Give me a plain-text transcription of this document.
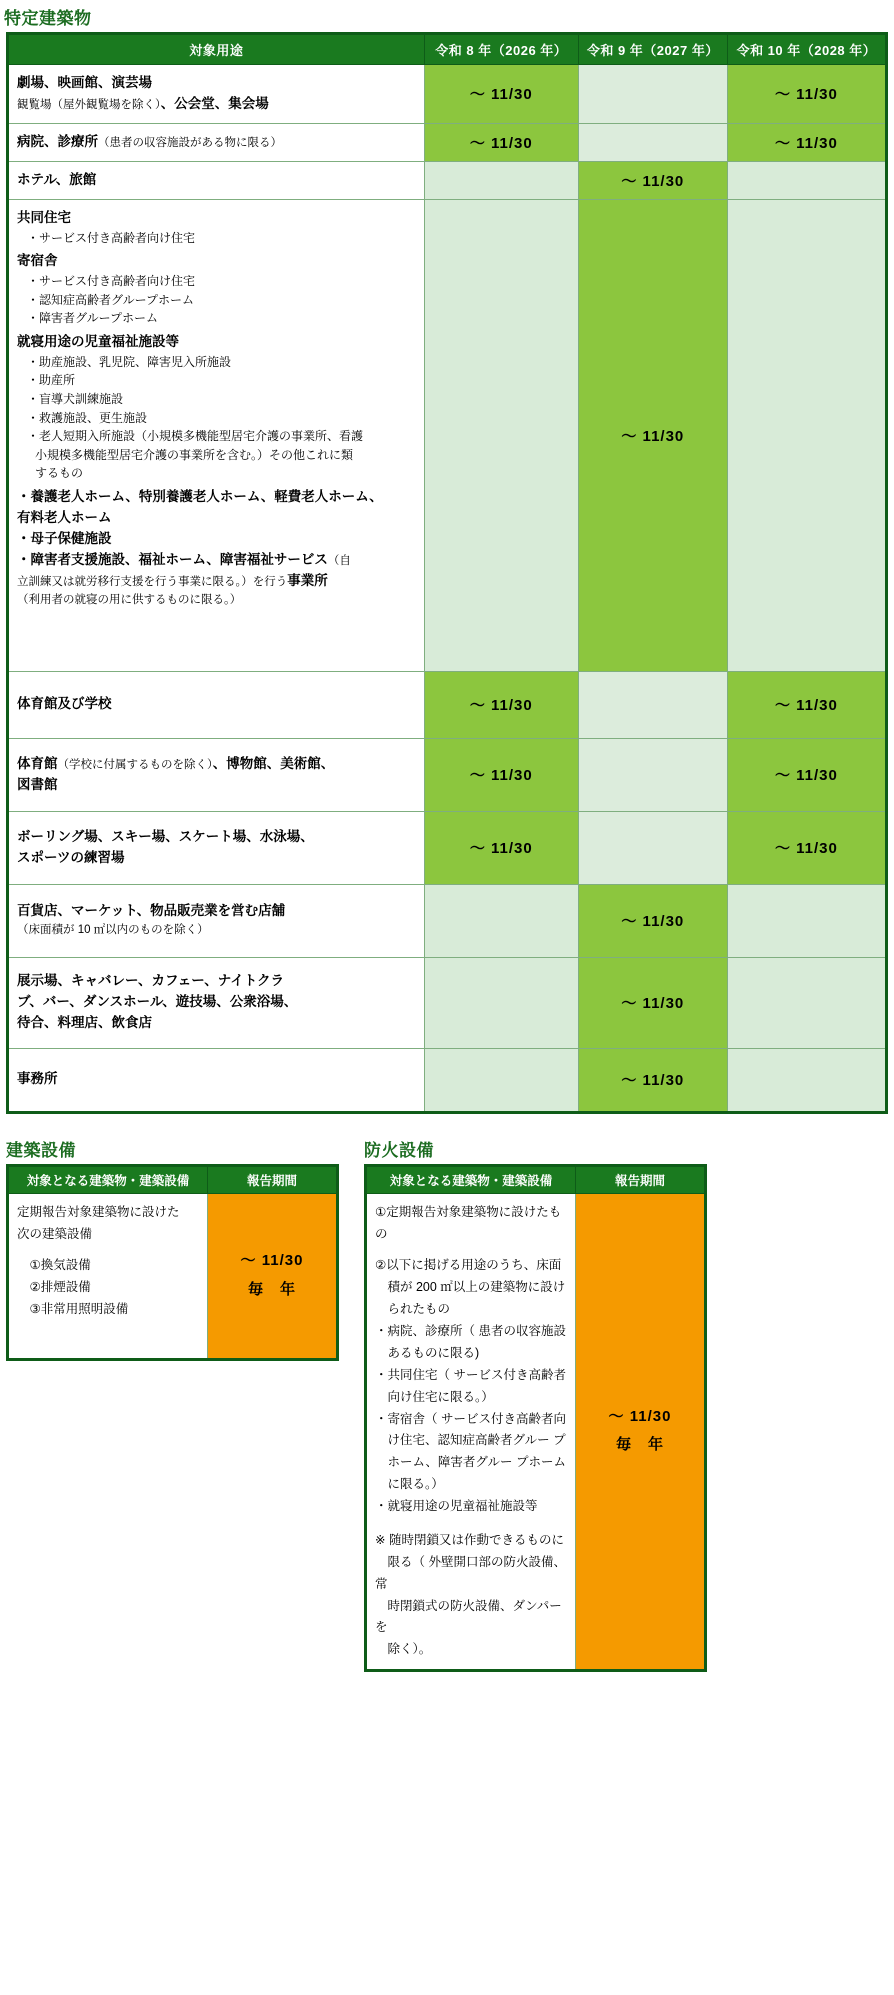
特定建築物
対象用途	令和 8 年（2026 年）	令和 9 年（2027 年）	令和 10 年（2028 年）

劇場、映画館、演芸場
観覧場（屋外観覧場を除く）、公会堂、集会場	〜 11/30		〜 11/30

病院、診療所（患者の収容施設がある物に限る）	〜 11/30		〜 11/30

ホテル、旅館		〜 11/30	

共同住宅
・サービス付き高齢者向け住宅
寄宿舎
・サービス付き高齢者向け住宅
・認知症高齢者グループホーム
・障害者グループホーム
就寝用途の児童福祉施設等
・助産施設、乳児院、障害児入所施設
・助産所
・盲導犬訓練施設
・救護施設、更生施設
・老人短期入所施設（小規模多機能型居宅介護の事業所、看護
小規模多機能型居宅介護の事業所を含む。）その他これに類
するもの
・養護老人ホーム、特別養護老人ホーム、軽費老人ホーム、
有料老人ホーム
・母子保健施設
・障害者支援施設、福祉ホーム、障害福祉サービス（自
立訓練又は就労移行支援を行う事業に限る。）を行う事業所
（利用者の就寝の用に供するものに限る。）
		〜 11/30	

体育館及び学校	〜 11/30		〜 11/30

体育館（学校に付属するものを除く）、博物館、美術館、
図書館	〜 11/30		〜 11/30

ボーリング場、スキー場、スケート場、水泳場、
スポーツの練習場	〜 11/30		〜 11/30

百貨店、マーケット、物品販売業を営む店舗
（床面積が 10 ㎡以内のものを除く）		〜 11/30	

展示場、キャバレー、カフェー、ナイトクラ
ブ、バー、ダンスホール、遊技場、公衆浴場、
待合、料理店、飲食店		〜 11/30	

事務所		〜 11/30	
建築設備
対象となる建築物・建築設備	報告期間

定期報告対象建築物に設けた
次の建築設備

　①換気設備
　②排煙設備
　③非常用照明設備

〜 11/30
毎　年
防火設備
対象となる建築物・建築設備	報告期間

①定期報告対象建築物に設けたもの

②以下に掲げる用途のうち、床面
　積が 200 ㎡以上の建築物に設け
　られたもの
・病院、診療所（ 患者の収容施設
　あるものに限る)
・共同住宅（ サービス付き高齢者
　向け住宅に限る。）
・寄宿舎（ サービス付き高齢者向
　け住宅、認知症高齢者グルー プ
　ホーム、障害者グルー プホーム
　に限る。）
・就寝用途の児童福祉施設等

※ 随時閉鎖又は作動できるものに
　限る（ 外壁開口部の防火設備、常
　時閉鎖式の防火設備、ダンパーを
　除く）。

〜 11/30
毎　年
